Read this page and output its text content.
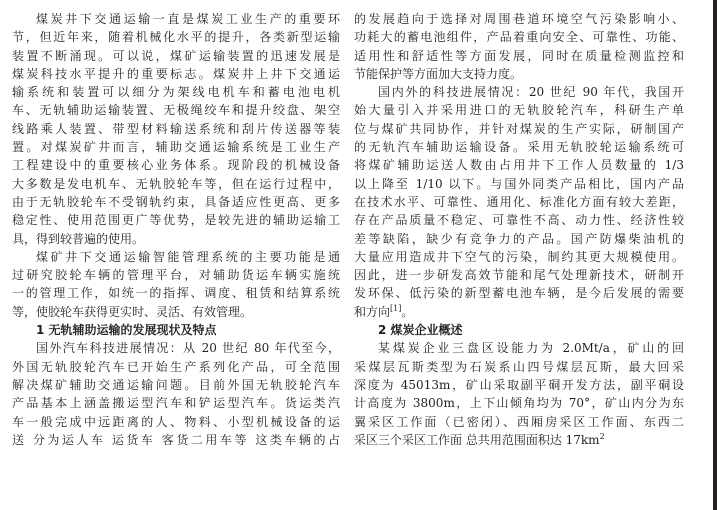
煤炭井下交通运输一直是煤炭工业生产的重要环
节，但近年来，随着机械化水平的提升，各类新型运输
装置不断涌现。可以说，煤矿运输装置的迅速发展是
煤炭科技水平提升的重要标志。煤炭井上井下交通运
输系统和装置可以细分为架线电机车和蓄电池电机
车、无轨辅助运输装置、无极绳绞车和提升绞盘、架空
线路乘人装置、带型材料输送系统和刮片传送器等装
置。对煤炭矿井而言，辅助交通运输系统是工业生产
工程建设中的重要核心业务体系。现阶段的机械设备
大多数是发电机车、无轨胶轮车等，但在运行过程中，
由于无轨胶轮车不受钢轨约束，具备适应性更高、更多
稳定性、使用范围更广等优势，是较先进的辅助运输工
具，得到较普遍的使用。
煤矿井下交通运输智能管理系统的主要功能是通
过研究胶轮车辆的管理平台，对辅助货运车辆实施统
一的管理工作，如统一的指挥、调度、租赁和结算系统
等，使胶轮车获得更实时、灵活、有效管理。
1 无轨辅助运输的发展现状及特点
国外汽车科技进展情况：从 20 世纪 80 年代至今，
外国无轨胶轮汽车已开始生产系列化产品，可全范围
解决煤矿辅助交通运输问题。目前外国无轨胶轮汽车
产品基本上涵盖搬运型汽车和铲运型汽车。货运类汽
车一般完成中远距离的人、物料、小型机械设备的运
送 分为运人车 运货车 客货二用车等 这类车辆的占
的发展趋向于选择对周围巷道环境空气污染影响小、
功耗大的蓄电池组件，产品着重向安全、可靠性、功能、
适用性和舒适性等方面发展，同时在质量检测监控和
节能保护等方面加大支持力度。
国内外的科技进展情况：20 世纪 90 年代，我国开
始大量引入并采用进口的无轨胶轮汽车，科研生产单
位与煤矿共同协作，并针对煤炭的生产实际，研制国产
的无轨汽车辅助运输设备。采用无轨胶轮运输系统可
将煤矿辅助运送人数由占用井下工作人员数量的 1/3
以上降至 1/10 以下。与国外同类产品相比，国内产品
在技术水平、可靠性、通用化、标准化方面有较大差距，
存在产品质量不稳定、可靠性不高、动力性、经济性较
差等缺陷，缺少有竞争力的产品。国产防爆柴油机的
大量应用造成井下空气的污染，制约其更大规模使用。
因此，进一步研发高效节能和尾气处理新技术，研制开
发环保、低污染的新型蓄电池车辆，是今后发展的需要
和方向[1]。
2 煤炭企业概述
某煤炭企业三盘区设能力为 2.0Mt/a，矿山的回
采煤层瓦斯类型为石炭系山四号煤层瓦斯，最大回采
深度为 45013m，矿山采取副平硐开发方法，副平硐设
计高度为 3800m，上下山倾角均为 70°，矿山内分为东
翼采区工作面（已密闭）、西厢房采区工作面、东西二
采区三个采区工作面 总共用范围面积达 $17km^2$
